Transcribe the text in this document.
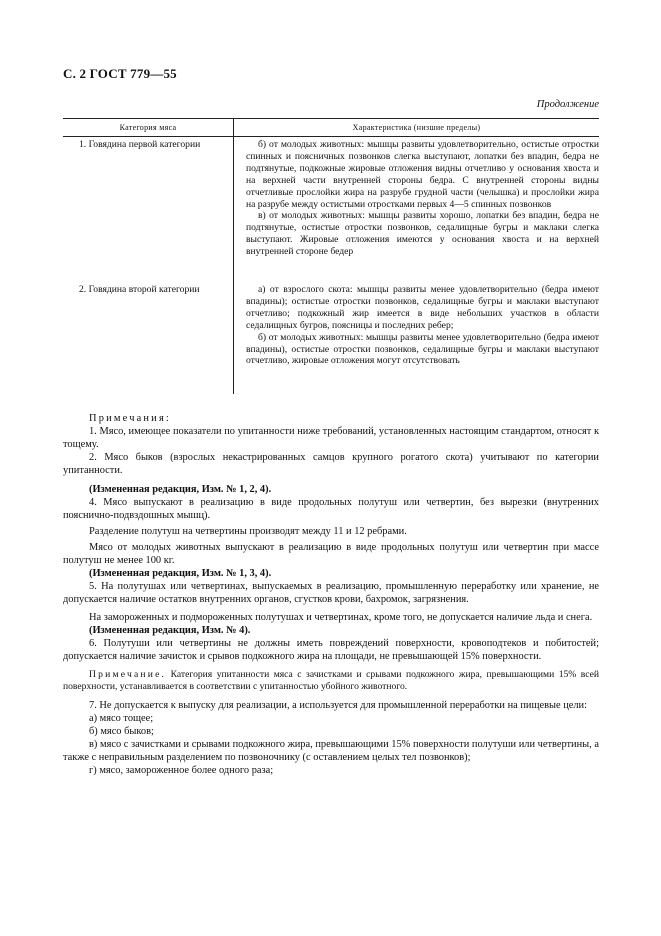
С. 2 ГОСТ 779—55
Продолжение
Категория мяса	Характеристика (низшие пределы)
1. Говядина первой категории	б) от молодых животных: мышцы развиты удовлетворительно, остистые отростки спинных и поясничных позвонков слегка выступают, лопатки без впадин, бедра не подтянутые, подкожные жировые отложения видны отчетливо у основания хвоста и на верхней части внутренней стороны бедра. С внутренней стороны видны отчетливые прослойки жира на разрубе грудной части (челышка) и прослойки жира на разрубе между остистыми отростками первых 4—5 спинных позвонков

в) от молодых животных: мышцы развиты хорошо, лопатки без впадин, бедра не подтянутые, остистые отростки позвонков, седалищные бугры и маклаки слегка выступают. Жировые отложения имеются у основания хвоста и на верхней внутренней стороне бедер

2. Говядина второй категории	а) от взрослого скота: мышцы развиты менее удовлетворительно (бедра имеют впадины); остистые отростки позвонков, седалищные бугры и маклаки выступают отчетливо; подкожный жир имеется в виде небольших участков в области седалищных бугров, поясницы и последних ребер;

б) от молодых животных: мышцы развиты менее удовлетворительно (бедра имеют впадины), остистые отростки позвонков, седалищные бугры и маклаки выступают отчетливо, жировые отложения могут отсутствовать

Примечания:

1. Мясо, имеющее показатели по упитанности ниже требований, установленных настоящим стандартом, относят к тощему.

2. Мясо быков (взрослых некастрированных самцов крупного рогатого скота) учитывают по категории упитанности.

(Измененная редакция, Изм. № 1, 2, 4).

4. Мясо выпускают в реализацию в виде продольных полутуш или четвертин, без вырезки (внутренних поясничнo-подвздошных мышц).

Разделение полутуш на четвертины производят между 11 и 12 ребрами.

Мясо от молодых животных выпускают в реализацию в виде продольных полутуш или четвертин при массе полутуш не менее 100 кг.

(Измененная редакция, Изм. № 1, 3, 4).

5. На полутушах или четвертинах, выпускаемых в реализацию, промышленную переработку или хранение, не допускается наличие остатков внутренних органов, сгустков крови, бахромок, загрязнения.

На замороженных и подмороженных полутушах и четвертинах, кроме того, не допускается наличие льда и снега.

(Измененная редакция, Изм. № 4).

6. Полутуши или четвертины не должны иметь повреждений поверхности, кровоподтеков и побитостей; допускается наличие зачисток и срывов подкожного жира на площади, не превышающей 15% поверхности.

Примечание. Категория упитанности мяса с зачистками и срывами подкожного жира, превышающими 15% всей поверхности, устанавливается в соответствии с упитанностью убойного животного.

7. Не допускается к выпуску для реализации, а используется для промышленной переработки на пищевые цели:

а) мясо тощее;

б) мясо быков;

в) мясо с зачистками и срывами подкожного жира, превышающими 15% поверхности полутуши или четвертины, а также с неправильным разделением по позвоночнику (с оставлением целых тел позвонков);

г) мясо, замороженное более одного раза;
